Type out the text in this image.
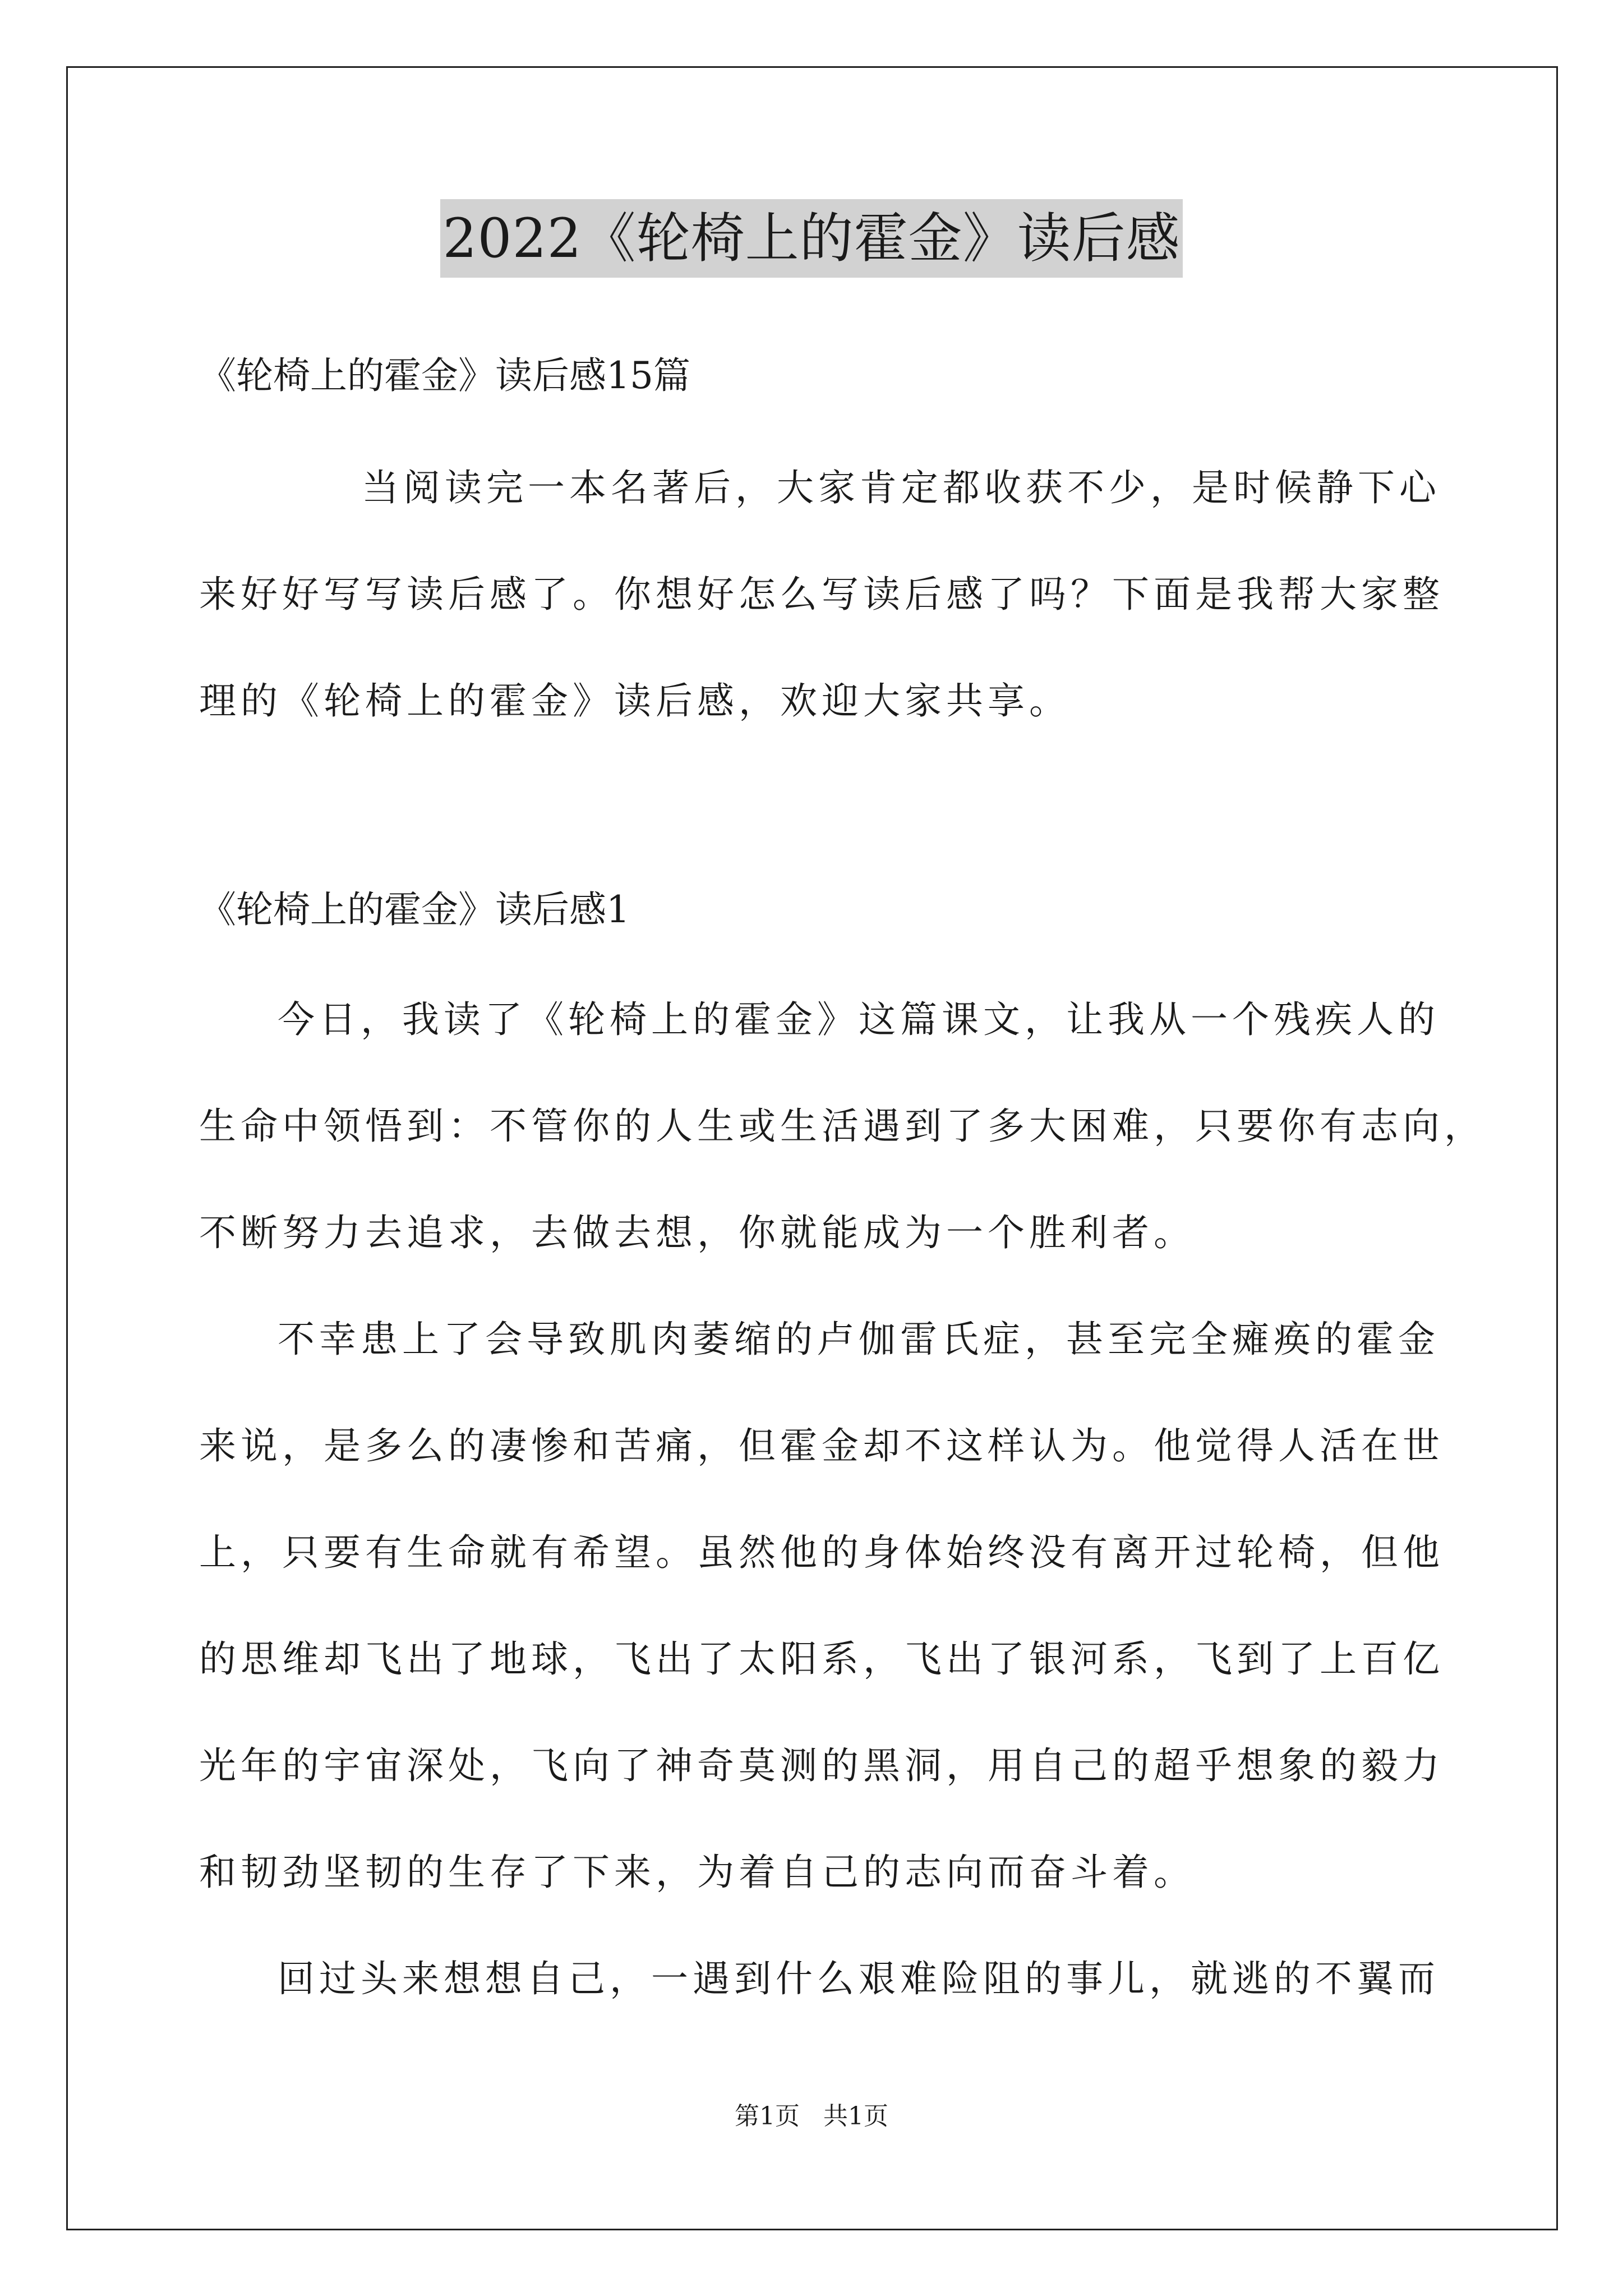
2022《轮椅上的霍金》读后感
《轮椅上的霍金》读后感15篇
当阅读完一本名著后，大家肯定都收获不少，是时候静下心
来好好写写读后感了。你想好怎么写读后感了吗？下面是我帮大家整
理的《轮椅上的霍金》读后感，欢迎大家共享。
《轮椅上的霍金》读后感1
今日，我读了《轮椅上的霍金》这篇课文，让我从一个残疾人的
生命中领悟到：不管你的人生或生活遇到了多大困难，只要你有志向，
不断努力去追求，去做去想，你就能成为一个胜利者。
不幸患上了会导致肌肉萎缩的卢伽雷氏症，甚至完全瘫痪的霍金
来说，是多么的凄惨和苦痛，但霍金却不这样认为。他觉得人活在世
上，只要有生命就有希望。虽然他的身体始终没有离开过轮椅，但他
的思维却飞出了地球，飞出了太阳系，飞出了银河系，飞到了上百亿
光年的宇宙深处，飞向了神奇莫测的黑洞，用自己的超乎想象的毅力
和韧劲坚韧的生存了下来，为着自己的志向而奋斗着。
回过头来想想自己，一遇到什么艰难险阻的事儿，就逃的不翼而
第1页   共1页
